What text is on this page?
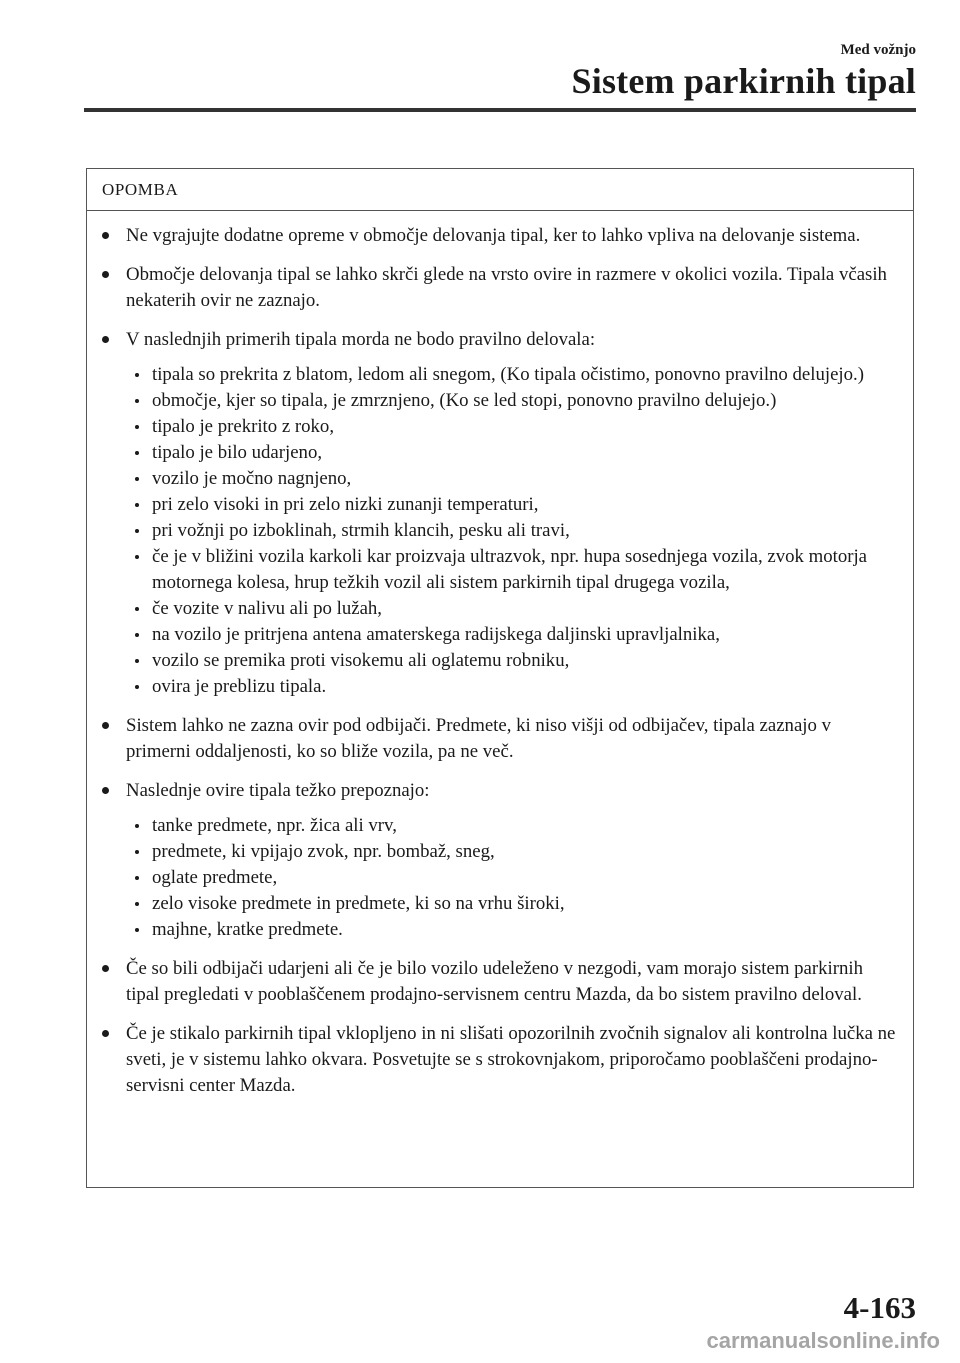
Med vožnjo
Sistem parkirnih tipal
OPOMBA
Ne vgrajujte dodatne opreme v območje delovanja tipal, ker to lahko vpliva na delovanje sistema.
Območje delovanja tipal se lahko skrči glede na vrsto ovire in razmere v okolici vozila. Tipala včasih nekaterih ovir ne zaznajo.
V naslednjih primerih tipala morda ne bodo pravilno delovala:
tipala so prekrita z blatom, ledom ali snegom, (Ko tipala očistimo, ponovno pravilno delujejo.)
območje, kjer so tipala, je zmrznjeno, (Ko se led stopi, ponovno pravilno delujejo.)
tipalo je prekrito z roko,
tipalo je bilo udarjeno,
vozilo je močno nagnjeno,
pri zelo visoki in pri zelo nizki zunanji temperaturi,
pri vožnji po izboklinah, strmih klancih, pesku ali travi,
če je v bližini vozila karkoli kar proizvaja ultrazvok, npr. hupa sosednjega vozila, zvok motorja motornega kolesa, hrup težkih vozil ali sistem parkirnih tipal drugega vozila,
če vozite v nalivu ali po lužah,
na vozilo je pritrjena antena amaterskega radijskega daljinski upravljalnika,
vozilo se premika proti visokemu ali oglatemu robniku,
ovira je preblizu tipala.
Sistem lahko ne zazna ovir pod odbijači. Predmete, ki niso višji od odbijačev, tipala zaznajo v primerni oddaljenosti, ko so bliže vozila, pa ne več.
Naslednje ovire tipala težko prepoznajo:
tanke predmete, npr. žica ali vrv,
predmete, ki vpijajo zvok, npr. bombaž, sneg,
oglate predmete,
zelo visoke predmete in predmete, ki so na vrhu široki,
majhne, kratke predmete.
Če so bili odbijači udarjeni ali če je bilo vozilo udeleženo v nezgodi, vam morajo sistem parkirnih tipal pregledati v pooblaščenem prodajno-servisnem centru Mazda, da bo sistem pravilno deloval.
Če je stikalo parkirnih tipal vklopljeno in ni slišati opozorilnih zvočnih signalov ali kontrolna lučka ne sveti, je v sistemu lahko okvara. Posvetujte se s strokovnjakom, priporočamo pooblaščeni prodajno-servisni center Mazda.
4-163
carmanualsonline.info
